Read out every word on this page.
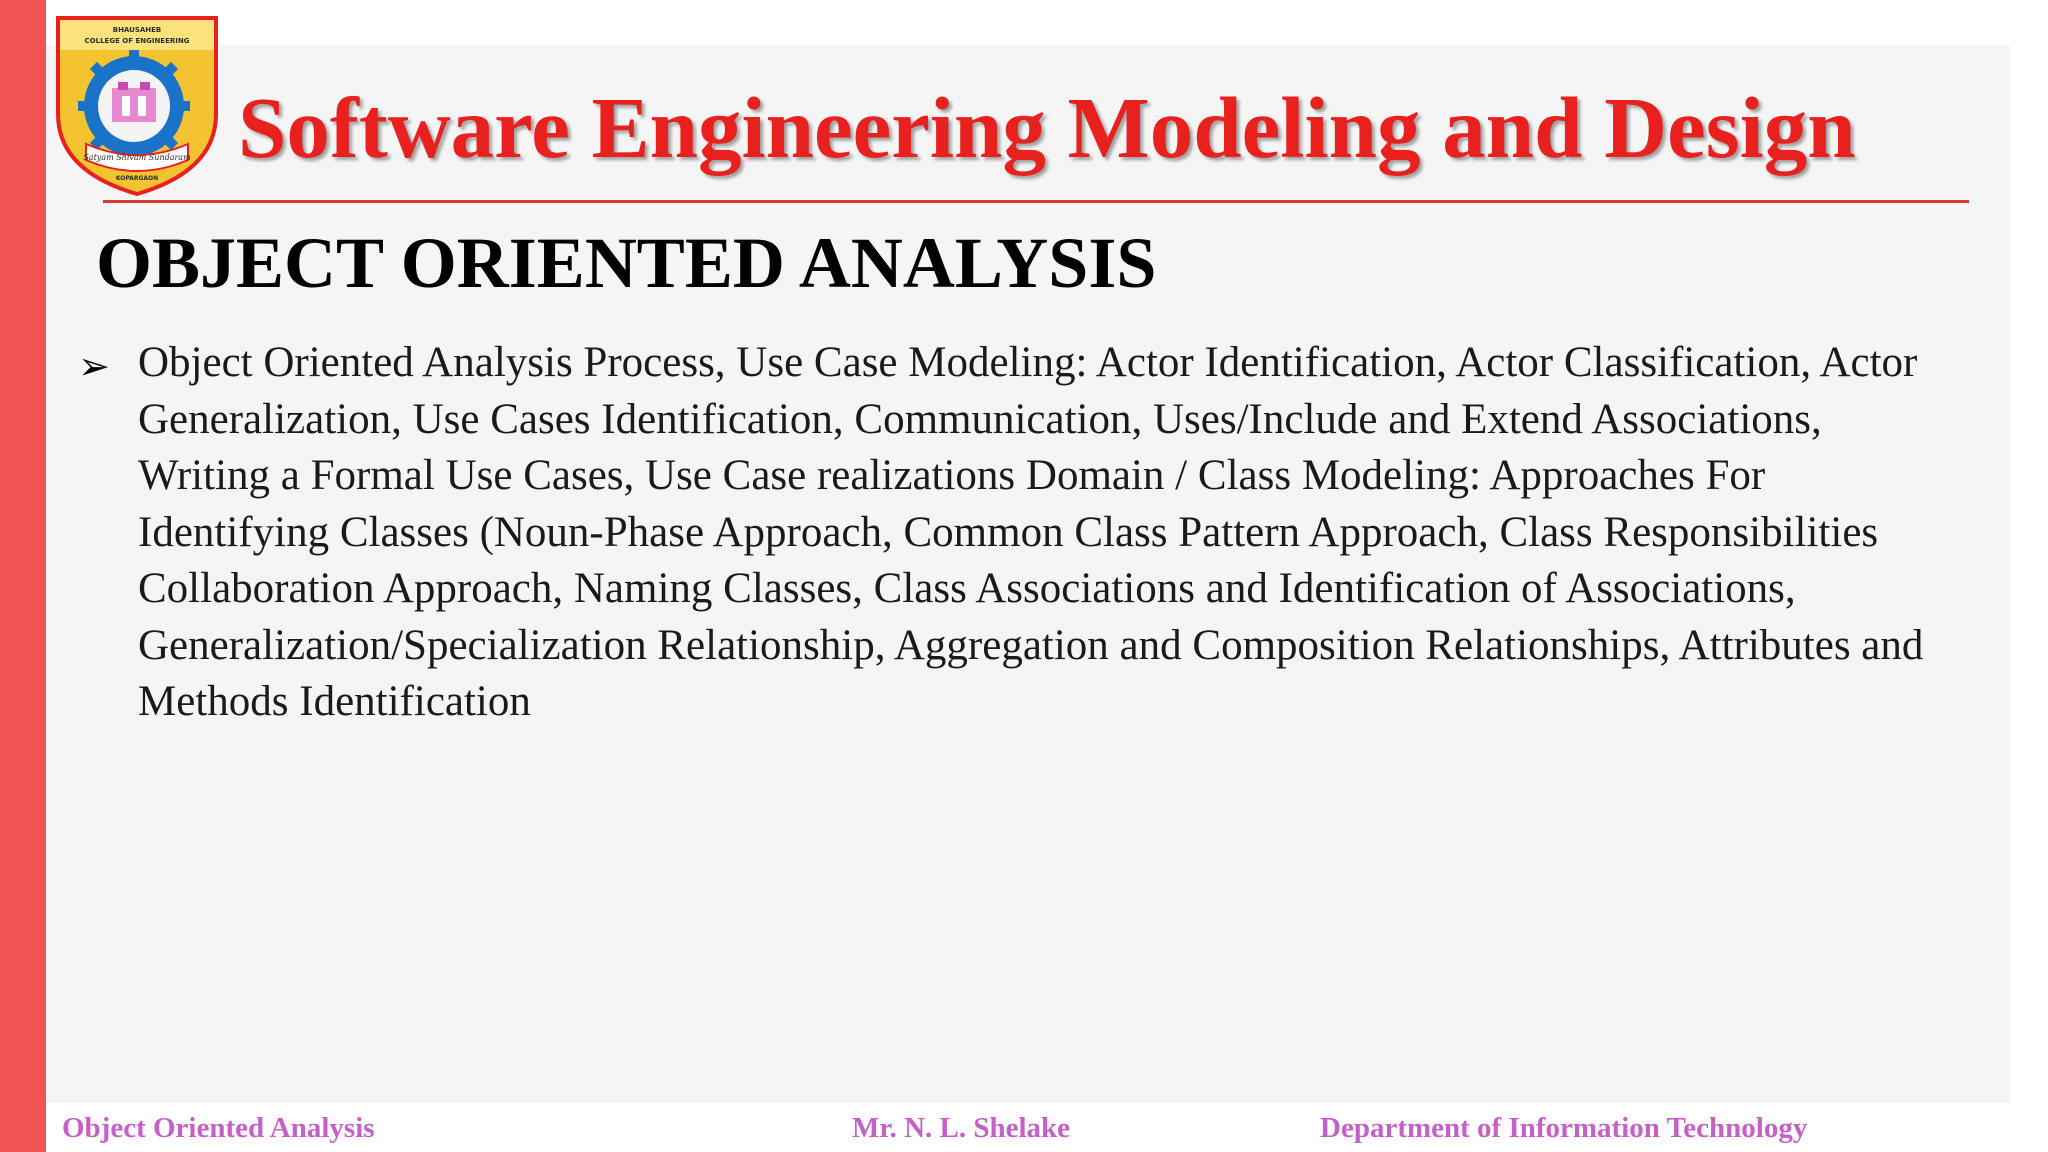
BHAUSAHEB
COLLEGE OF ENGINEERING
Satyam Shivam Sundaram
KOPARGAON
Software Engineering Modeling and Design
OBJECT ORIENTED ANALYSIS
➢ Object Oriented Analysis Process, Use Case Modeling: Actor Identification, Actor Classification, Actor Generalization, Use Cases Identification, Communication, Uses/Include and Extend Associations, Writing a Formal Use Cases, Use Case realizations Domain / Class Modeling: Approaches For Identifying Classes (Noun-Phase Approach, Common Class Pattern Approach, Class Responsibilities Collaboration Approach, Naming Classes, Class Associations and Identification of Associations, Generalization/Specialization Relationship, Aggregation and Composition Relationships, Attributes and Methods Identification
Object Oriented Analysis	Mr. N. L. Shelake	Department of Information Technology
